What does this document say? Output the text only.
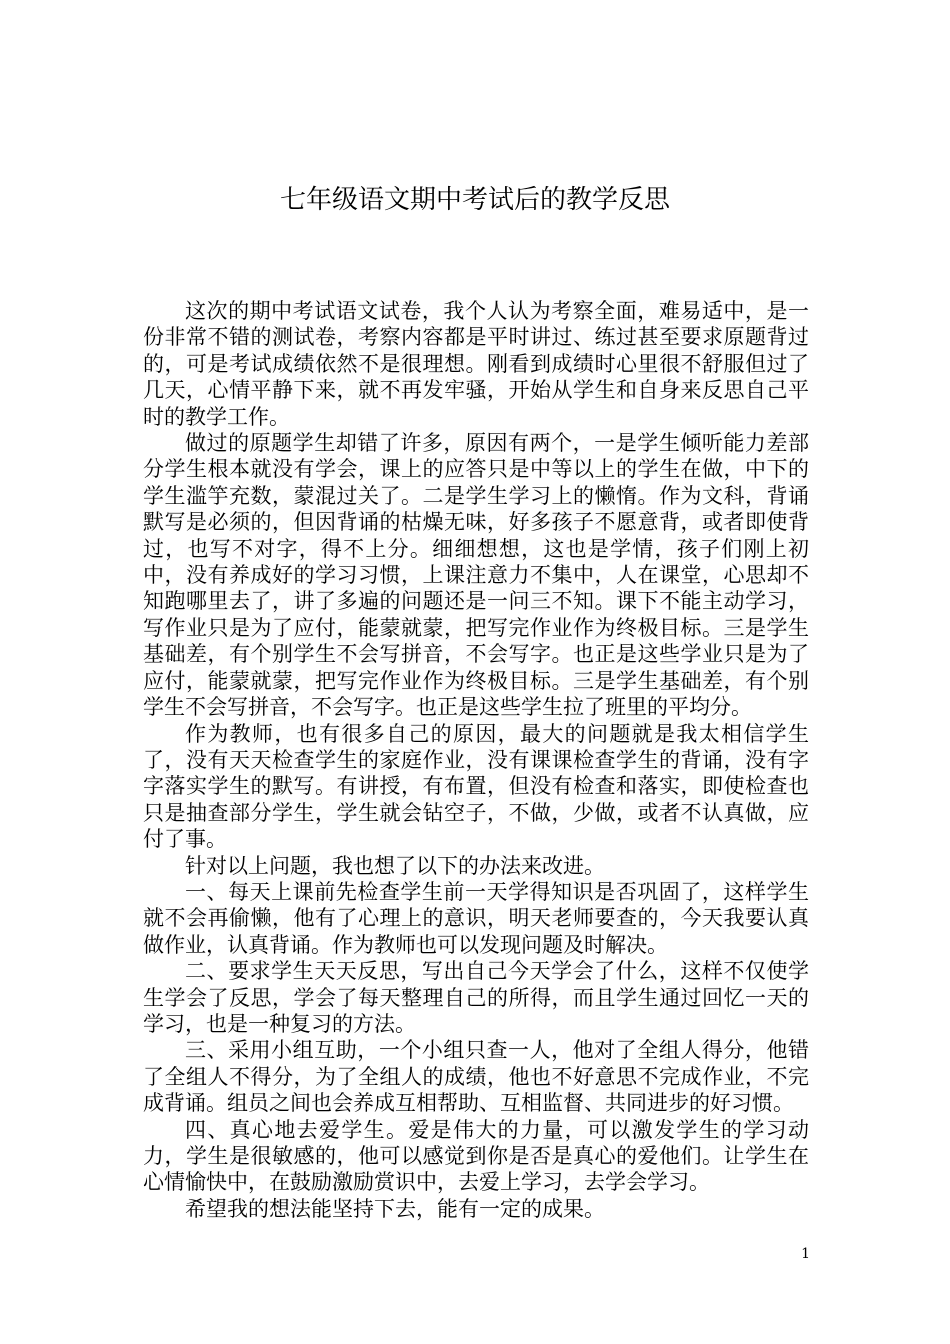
七年级语文期中考试后的教学反思

这次的期中考试语文试卷，我个人认为考察全面，难易适中，是一份非常不错的测试卷，考察内容都是平时讲过、练过甚至要求原题背过的，可是考试成绩依然不是很理想。刚看到成绩时心里很不舒服但过了几天，心情平静下来，就不再发牢骚，开始从学生和自身来反思自己平时的教学工作。

做过的原题学生却错了许多，原因有两个，一是学生倾听能力差部分学生根本就没有学会，课上的应答只是中等以上的学生在做，中下的学生滥竽充数，蒙混过关了。二是学生学习上的懒惰。作为文科，背诵默写是必须的，但因背诵的枯燥无味，好多孩子不愿意背，或者即使背过，也写不对字，得不上分。细细想想，这也是学情，孩子们刚上初中，没有养成好的学习习惯，上课注意力不集中，人在课堂，心思却不知跑哪里去了，讲了多遍的问题还是一问三不知。课下不能主动学习，写作业只是为了应付，能蒙就蒙，把写完作业作为终极目标。三是学生基础差，有个别学生不会写拼音，不会写字。也正是这些学业只是为了应付，能蒙就蒙，把写完作业作为终极目标。三是学生基础差，有个别学生不会写拼音，不会写字。也正是这些学生拉了班里的平均分。

作为教师，也有很多自己的原因，最大的问题就是我太相信学生了，没有天天检查学生的家庭作业，没有课课检查学生的背诵，没有字字落实学生的默写。有讲授，有布置，但没有检查和落实，即使检查也只是抽查部分学生，学生就会钻空子，不做，少做，或者不认真做，应付了事。

针对以上问题，我也想了以下的办法来改进。

一、每天上课前先检查学生前一天学得知识是否巩固了，这样学生就不会再偷懒，他有了心理上的意识，明天老师要查的，今天我要认真做作业，认真背诵。作为教师也可以发现问题及时解决。

二、要求学生天天反思，写出自己今天学会了什么，这样不仅使学生学会了反思，学会了每天整理自己的所得，而且学生通过回忆一天的学习，也是一种复习的方法。

三、采用小组互助，一个小组只查一人，他对了全组人得分，他错了全组人不得分，为了全组人的成绩，他也不好意思不完成作业，不完成背诵。组员之间也会养成互相帮助、互相监督、共同进步的好习惯。

四、真心地去爱学生。爱是伟大的力量，可以激发学生的学习动力，学生是很敏感的，他可以感觉到你是否是真心的爱他们。让学生在心情愉快中，在鼓励激励赏识中，去爱上学习，去学会学习。

希望我的想法能坚持下去，能有一定的成果。

1
